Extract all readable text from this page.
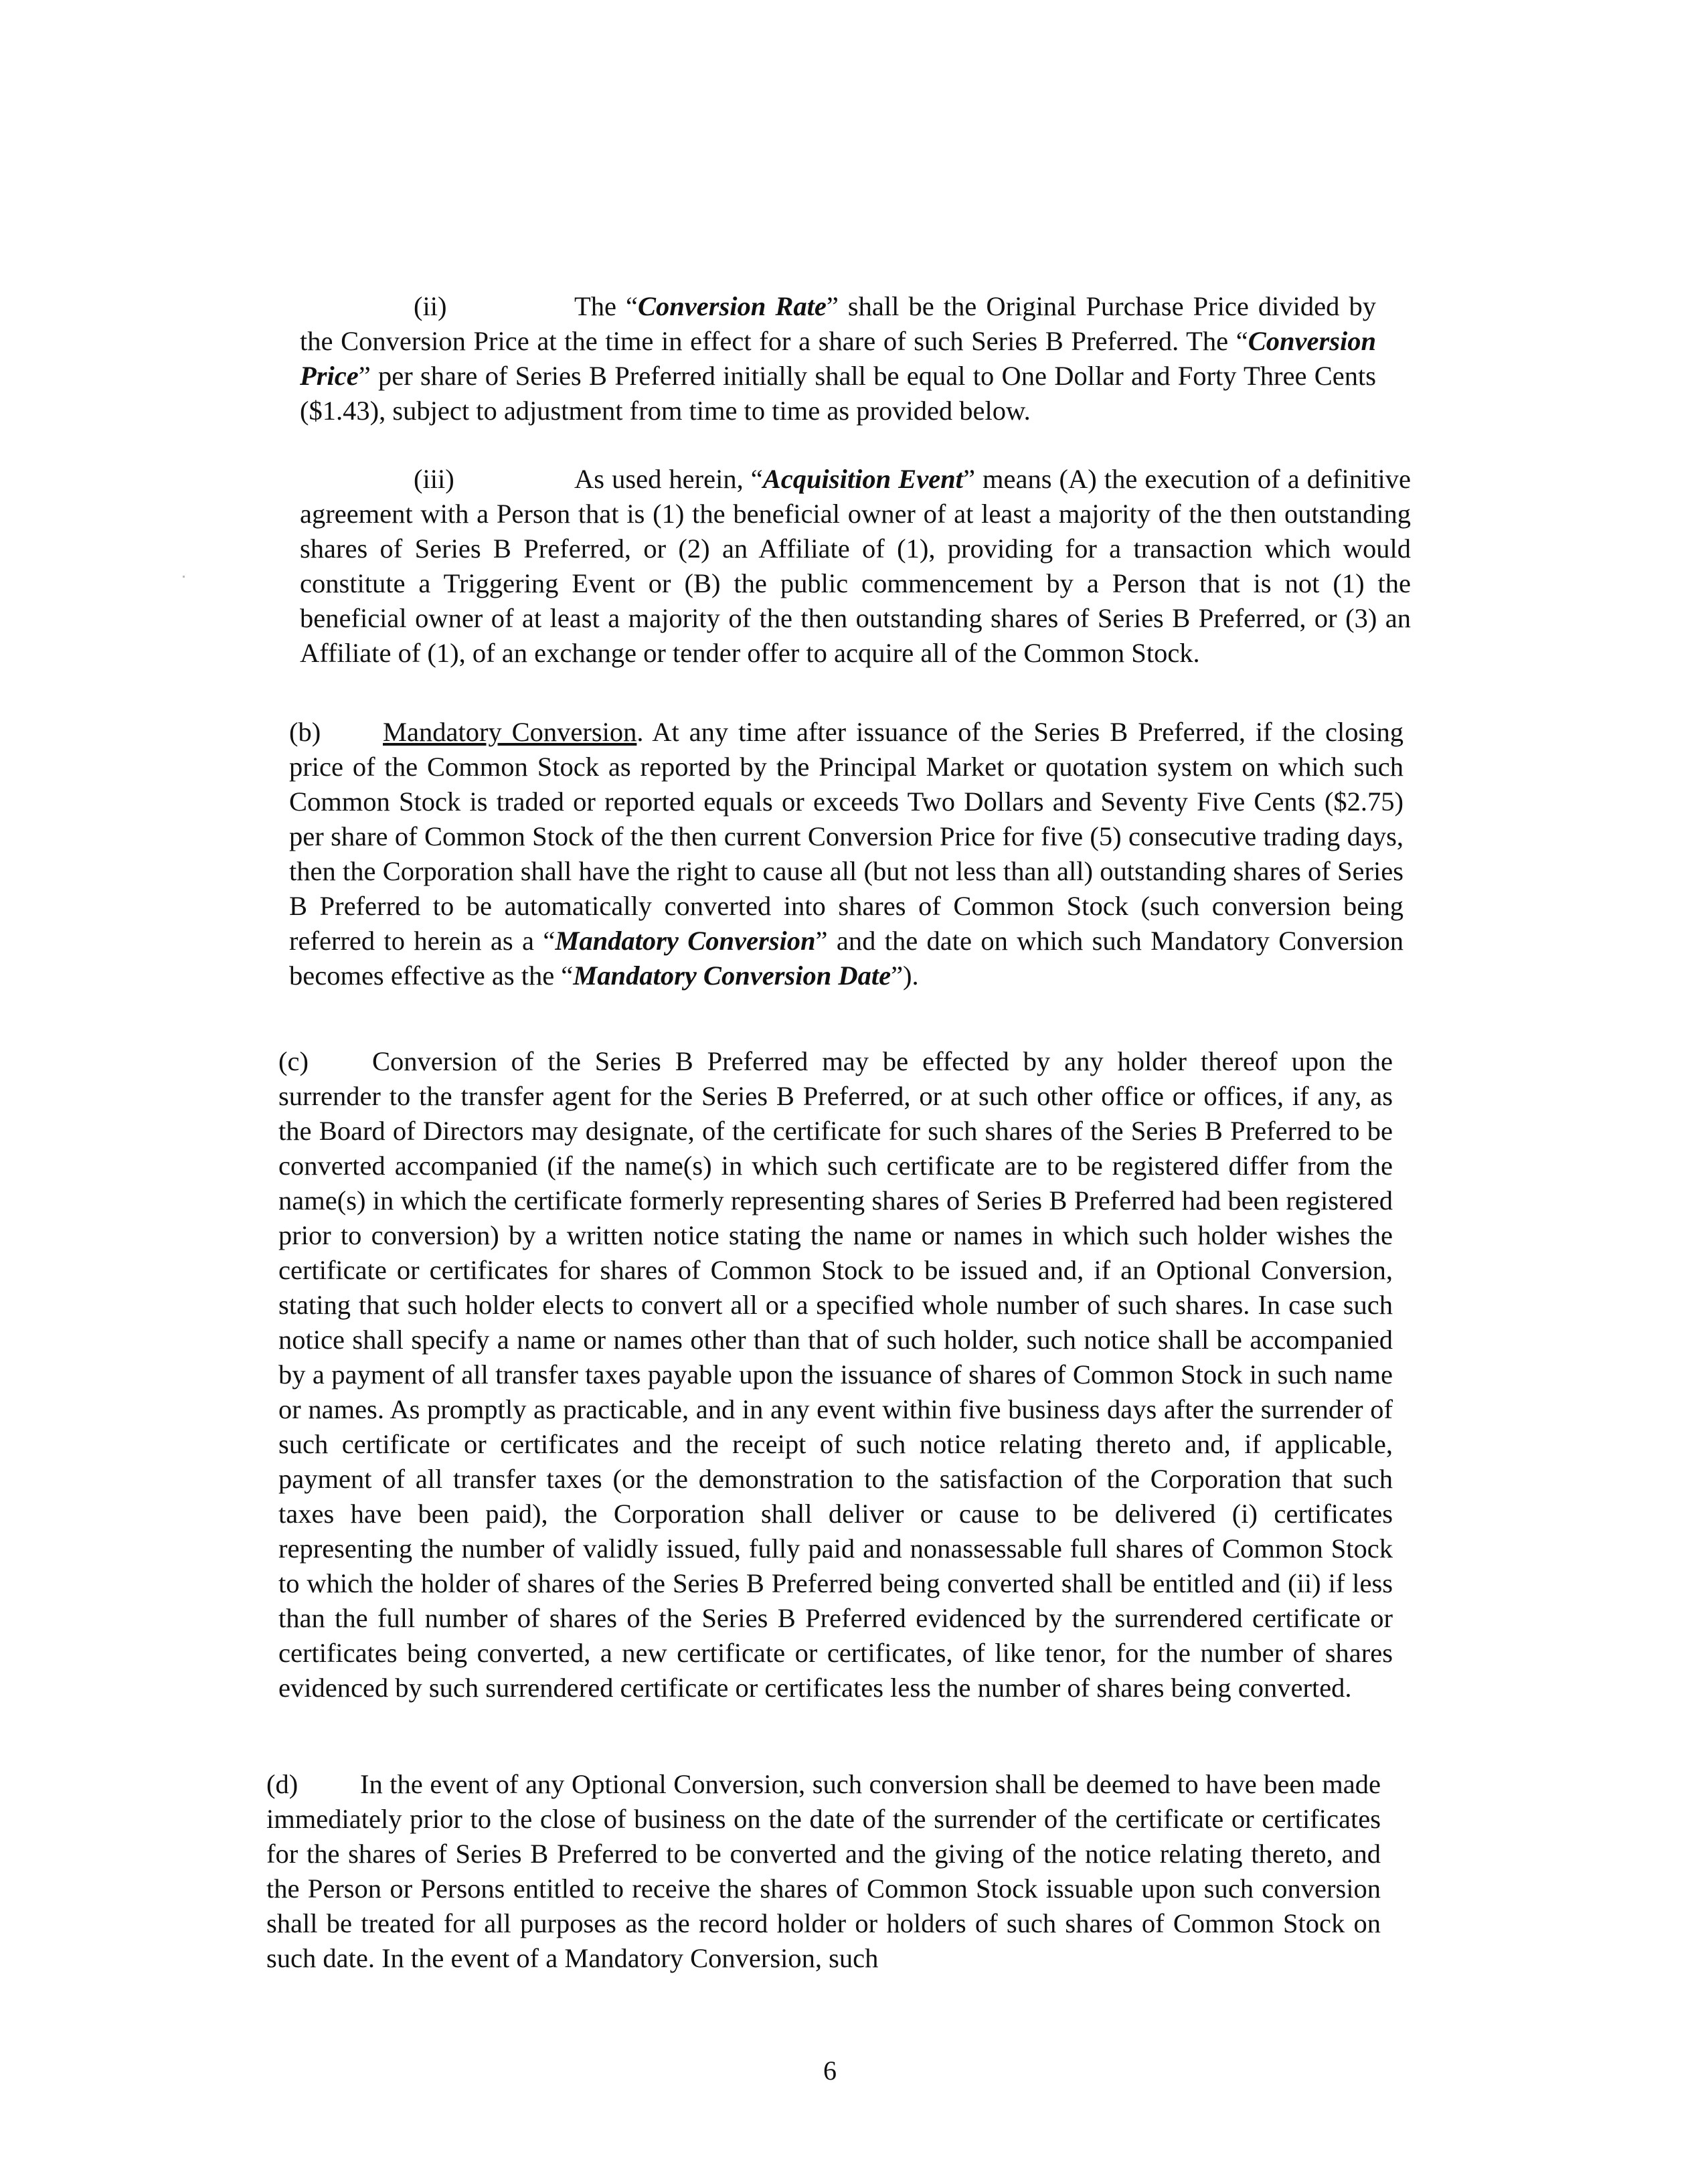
(ii)	The “Conversion Rate” shall be the Original Purchase Price divided by the Conversion Price at the time in effect for a share of such Series B Preferred. The “Conversion Price” per share of Series B Preferred initially shall be equal to One Dollar and Forty Three Cents ($1.43), subject to adjustment from time to time as provided below.
(iii)	As used herein, “Acquisition Event” means (A) the execution of a definitive agreement with a Person that is (1) the beneficial owner of at least a majority of the then outstanding shares of Series B Preferred, or (2) an Affiliate of (1), providing for a transaction which would constitute a Triggering Event or (B) the public commencement by a Person that is not (1) the beneficial owner of at least a majority of the then outstanding shares of Series B Preferred, or (3) an Affiliate of (1), of an exchange or tender offer to acquire all of the Common Stock.
(b) Mandatory Conversion. At any time after issuance of the Series B Preferred, if the closing price of the Common Stock as reported by the Principal Market or quotation system on which such Common Stock is traded or reported equals or exceeds Two Dollars and Seventy Five Cents ($2.75) per share of Common Stock of the then current Conversion Price for five (5) consecutive trading days, then the Corporation shall have the right to cause all (but not less than all) outstanding shares of Series B Preferred to be automatically converted into shares of Common Stock (such conversion being referred to herein as a “Mandatory Conversion” and the date on which such Mandatory Conversion becomes effective as the “Mandatory Conversion Date”).
(c) Conversion of the Series B Preferred may be effected by any holder thereof upon the surrender to the transfer agent for the Series B Preferred, or at such other office or offices, if any, as the Board of Directors may designate, of the certificate for such shares of the Series B Preferred to be converted accompanied (if the name(s) in which such certificate are to be registered differ from the name(s) in which the certificate formerly representing shares of Series B Preferred had been registered prior to conversion) by a written notice stating the name or names in which such holder wishes the certificate or certificates for shares of Common Stock to be issued and, if an Optional Conversion, stating that such holder elects to convert all or a specified whole number of such shares. In case such notice shall specify a name or names other than that of such holder, such notice shall be accompanied by a payment of all transfer taxes payable upon the issuance of shares of Common Stock in such name or names. As promptly as practicable, and in any event within five business days after the surrender of such certificate or certificates and the receipt of such notice relating thereto and, if applicable, payment of all transfer taxes (or the demonstration to the satisfaction of the Corporation that such taxes have been paid), the Corporation shall deliver or cause to be delivered (i) certificates representing the number of validly issued, fully paid and nonassessable full shares of Common Stock to which the holder of shares of the Series B Preferred being converted shall be entitled and (ii) if less than the full number of shares of the Series B Preferred evidenced by the surrendered certificate or certificates being converted, a new certificate or certificates, of like tenor, for the number of shares evidenced by such surrendered certificate or certificates less the number of shares being converted.
(d) In the event of any Optional Conversion, such conversion shall be deemed to have been made immediately prior to the close of business on the date of the surrender of the certificate or certificates for the shares of Series B Preferred to be converted and the giving of the notice relating thereto, and the Person or Persons entitled to receive the shares of Common Stock issuable upon such conversion shall be treated for all purposes as the record holder or holders of such shares of Common Stock on such date. In the event of a Mandatory Conversion, such
6
